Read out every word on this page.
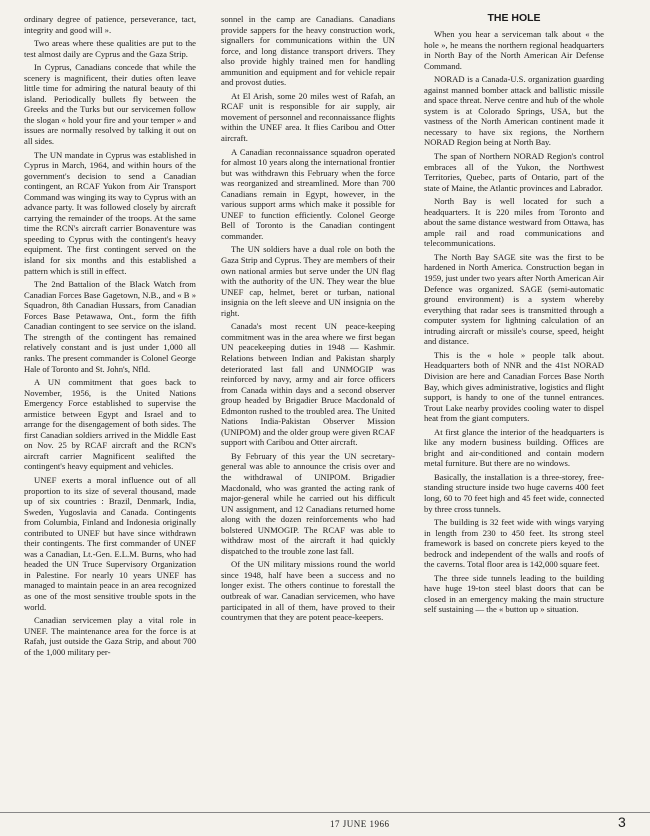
ordinary degree of patience, perseverance, tact, integrity and good will ».

Two areas where these qualities are put to the test almost daily are Cyprus and the Gaza Strip.

In Cyprus, Canadians concede that while the scenery is magnificent, their duties often leave little time for admiring the natural beauty of thi island. Periodically bullets fly between the Greeks and the Turks but our servicemen follow the slogan « hold your fire and your temper » and issues are normally resolved by talking it out on all sides.

The UN mandate in Cyprus was established in Cyprus in March, 1964, and within hours of the government's decision to send a Canadian contingent, an RCAF Yukon from Air Transport Command was winging its way to Cyprus with an advance party. It was followed closely by aircraft carrying the remainder of the troops. At the same time the RCN's aircraft carrier Bonaventure was speeding to Cyprus with the contingent's heavy equipment. The first contingent served on the island for six months and this established a pattern which is still in effect.

The 2nd Battalion of the Black Watch from Canadian Forces Base Gagetown, N.B., and « B » Squadron, 8th Canadian Hussars, from Canadian Forces Base Petawawa, Ont., form the fifth Canadian contingent to see service on the island. The strength of the contingent has remained relatively constant and is just under 1,000 all ranks. The present commander is Colonel George Hale of Toronto and St. John's, Nfld.

A UN commitment that goes back to November, 1956, is the United Nations Emergency Force established to supervise the armistice between Egypt and Israel and to arrange for the disengagement of both sides. The first Canadian soldiers arrived in the Middle East on Nov. 25 by RCAF aircraft and the RCN's aircraft carrier Magnificent sealifted the contingent's heavy equipment and vehicles.

UNEF exerts a moral influence out of all proportion to its size of several thousand, made up of six countries : Brazil, Denmark, India, Sweden, Yugoslavia and Canada. Contingents from Columbia, Finland and Indonesia originally contributed to UNEF but have since withdrawn their contingents. The first commander of UNEF was a Canadian, Lt.-Gen. E.L.M. Burns, who had headed the UN Truce Supervisory Organization in Palestine. For nearly 10 years UNEF has managed to maintain peace in an area recognized as one of the most sensitive trouble spots in the world.

Canadian servicemen play a vital role in UNEF. The maintenance area for the force is at Rafah, just outside the Gaza Strip, and about 700 of the 1,000 military per-

sonnel in the camp are Canadians. Canadians provide sappers for the heavy construction work, signallers for communications within the UN force, and long distance transport drivers. They also provide highly trained men for handling ammunition and equipment and for vehicle repair and provost duties.

At El Arish, some 20 miles west of Rafah, an RCAF unit is responsible for air supply, air movement of personnel and reconnaissance flights within the UNEF area. It flies Caribou and Otter aircraft.

A Canadian reconnaissance squadron operated for almost 10 years along the international frontier but was withdrawn this February when the force was reorganized and streamlined. More than 700 Canadians remain in Egypt, however, in the various support arms which make it possible for UNEF to function efficiently. Colonel George Bell of Toronto is the Canadian contingent commander.

The UN soldiers have a dual role on both the Gaza Strip and Cyprus. They are members of their own national armies but serve under the UN flag with the authority of the UN. They wear the blue UNEF cap, helmet, beret or turban, national insignia on the left sleeve and UN insignia on the right.

Canada's most recent UN peace-keeping commitment was in the area where we first began UN peacekeeping duties in 1948 — Kashmir. Relations between Indian and Pakistan sharply deteriorated last fall and UNMOGIP was reinforced by navy, army and air force officers from Canada within days and a second observer group headed by Brigadier Bruce Macdonald of Edmonton rushed to the troubled area. The United Nations India-Pakistan Observer Mission (UNIPOM) and the older group were given RCAF support with Caribou and Otter aircraft.

By February of this year the UN secretary-general was able to announce the crisis over and the withdrawal of UNIPOM. Brigadier Macdonald, who was granted the acting rank of major-general while he carried out his difficult UN assignment, and 12 Canadians returned home along with the dozen reinforcements who had bolstered UNMOGIP. The RCAF was able to withdraw most of the aircraft it had quickly dispatched to the trouble zone last fall.

Of the UN military missions round the world since 1948, half have been a success and no longer exist. The others continue to forestall the outbreak of war. Canadian servicemen, who have participated in all of them, have proved to their countrymen that they are potent peace-keepers.

THE HOLE

When you hear a serviceman talk about « the hole », he means the northern regional headquarters in North Bay of the North American Air Defense Command.

NORAD is a Canada-U.S. organization guarding against manned bomber attack and ballistic missile and space threat. Nerve centre and hub of the whole system is at Colorado Springs, USA, but the vastness of the North American continent made it necessary to have six regions, the Northern NORAD Region being at North Bay.

The span of Northern NORAD Region's control embraces all of the Yukon, the Northwest Territories, Quebec, parts of Ontario, part of the state of Maine, the Atlantic provinces and Labrador.

North Bay is well located for such a headquarters. It is 220 miles from Toronto and about the same distance westward from Ottawa, has ample rail and road communications and telecommunications.

The North Bay SAGE site was the first to be hardened in North America. Construction began in 1959, just under two years after North American Air Defence was organized. SAGE (semi-automatic ground environment) is a system whereby everything that radar sees is transmitted through a computer system for lightning calculation of an intruding aircraft or missile's course, speed, height and distance.

This is the « hole » people talk about. Headquarters both of NNR and the 41st NORAD Division are here and Canadian Forces Base North Bay, which gives administrative, logistics and flight support, is handy to one of the tunnel entrances. Trout Lake nearby provides cooling water to dispel heat from the giant computers.

At first glance the interior of the headquarters is like any modern business building. Offices are bright and air-conditioned and contain modern metal furniture. But there are no windows.

Basically, the installation is a three-storey, free-standing structure inside two huge caverns 400 feet long, 60 to 70 feet high and 45 feet wide, connected by three cross tunnels.

The building is 32 feet wide with wings varying in length from 230 to 450 feet. Its strong steel framework is based on concrete piers keyed to the bedrock and independent of the walls and roofs of the caverns. Total floor area is 142,000 square feet.

The three side tunnels leading to the building have huge 19-ton steel blast doors that can be closed in an emergency making the main structure self sustaining — the « button up » situation.

17 JUNE 1966	3
